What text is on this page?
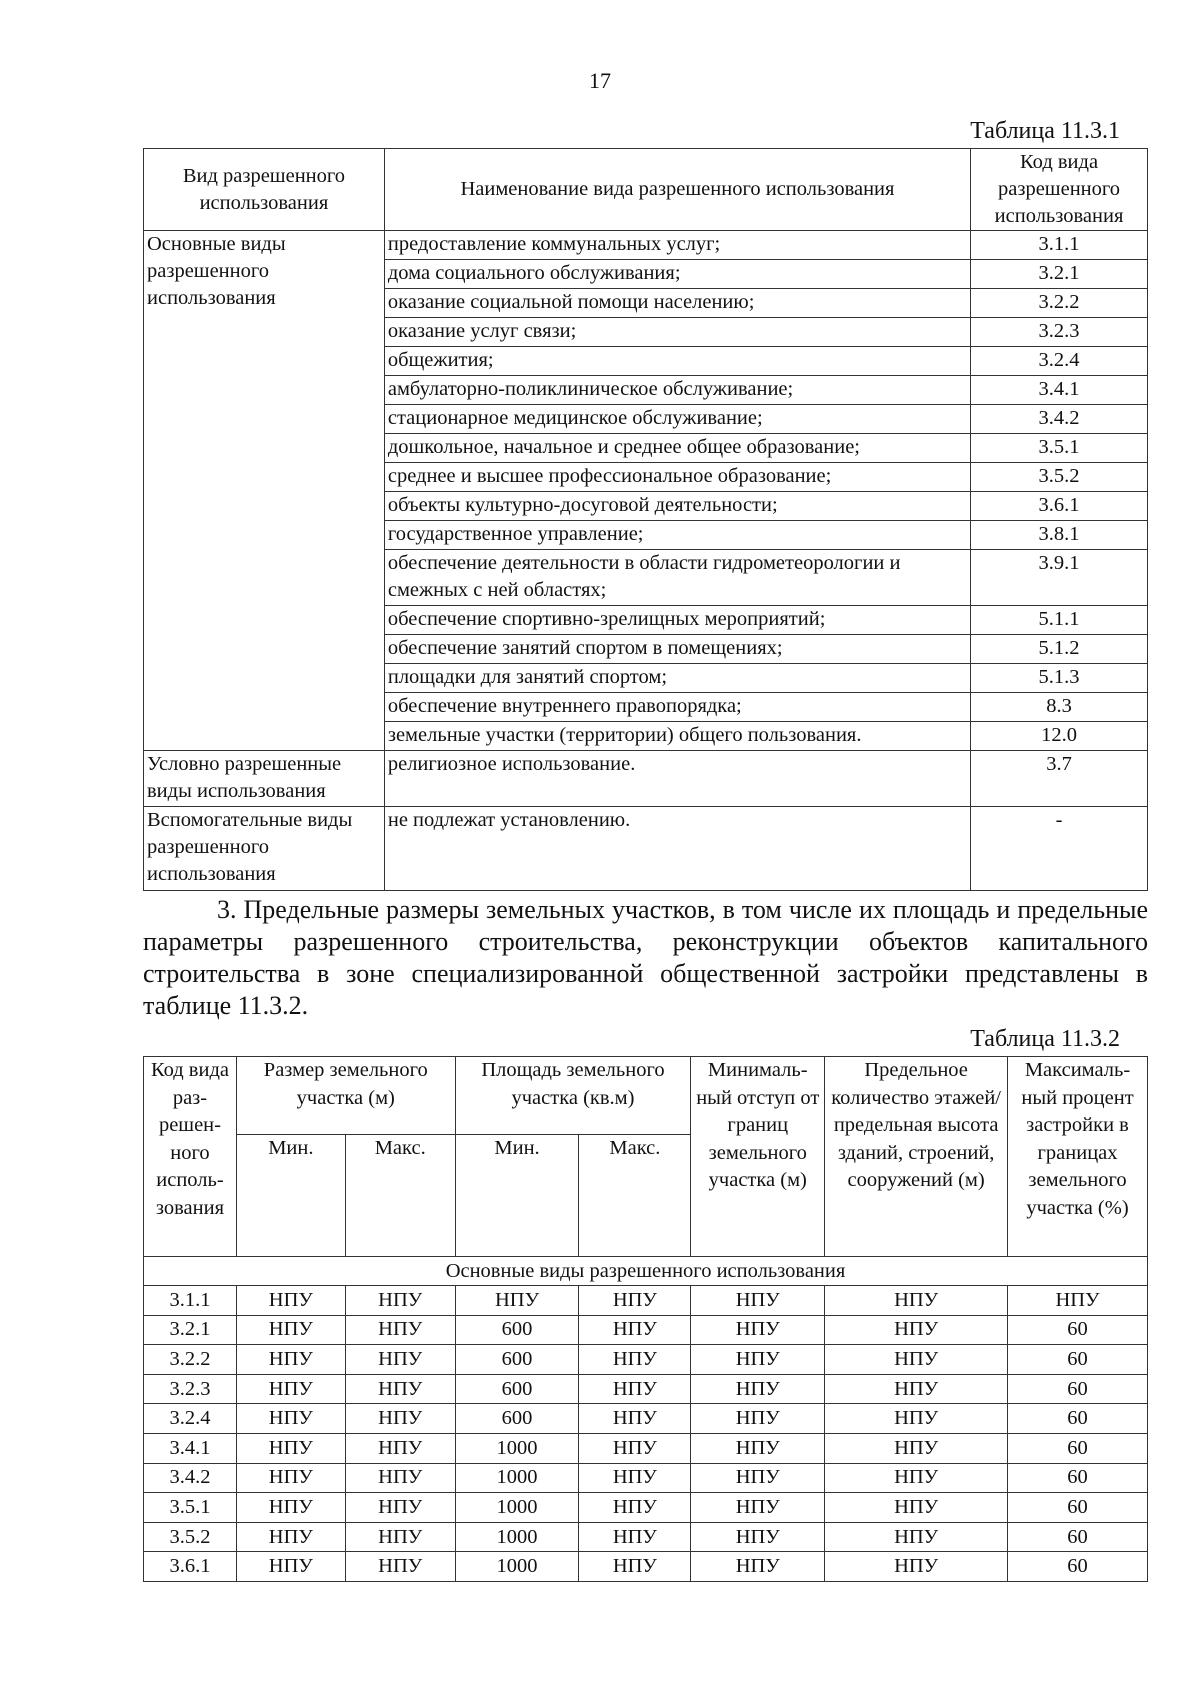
17
Таблица 11.3.1
Вид разрешенного использования	Наименование вида разрешенного использования	Код вида разрешенного использования
Основные виды разрешенного использования	предоставление коммунальных услуг;	3.1.1
	дома социального обслуживания;	3.2.1
	оказание социальной помощи населению;	3.2.2
	оказание услуг связи;	3.2.3
	общежития;	3.2.4
	амбулаторно-поликлиническое обслуживание;	3.4.1
	стационарное медицинское обслуживание;	3.4.2
	дошкольное, начальное и среднее общее образование;	3.5.1
	среднее и высшее профессиональное образование;	3.5.2
	объекты культурно-досуговой деятельности;	3.6.1
	государственное управление;	3.8.1
	обеспечение деятельности в области гидрометеорологии и смежных с ней областях;	3.9.1
	обеспечение спортивно-зрелищных мероприятий;	5.1.1
	обеспечение занятий спортом в помещениях;	5.1.2
	площадки для занятий спортом;	5.1.3
	обеспечение внутреннего правопорядка;	8.3
	земельные участки (территории) общего пользования.	12.0
Условно разрешенные виды использования	религиозное использование.	3.7
Вспомогательные виды разрешенного использования	не подлежат установлению.	-

3. Предельные размеры земельных участков, в том числе их площадь и предельные параметры разрешенного строительства, реконструкции объектов капитального строительства в зоне специализированной общественной застройки представлены в таблице 11.3.2.

Таблица 11.3.2
Код вида раз-решен-ного исполь-зования	Размер земельного участка (м)		Площадь земельного участка (кв.м)		Минималь-ный отступ от границ земельного участка (м)	Предельное количество этажей/ предельная высота зданий, строений, сооружений (м)	Максималь-ный процент застройки в границах земельного участка (%)
	Мин.	Макс.	Мин.	Макс.			
Основные виды разрешенного использования							
3.1.1	НПУ	НПУ	НПУ	НПУ	НПУ	НПУ	НПУ
3.2.1	НПУ	НПУ	600	НПУ	НПУ	НПУ	60
3.2.2	НПУ	НПУ	600	НПУ	НПУ	НПУ	60
3.2.3	НПУ	НПУ	600	НПУ	НПУ	НПУ	60
3.2.4	НПУ	НПУ	600	НПУ	НПУ	НПУ	60
3.4.1	НПУ	НПУ	1000	НПУ	НПУ	НПУ	60
3.4.2	НПУ	НПУ	1000	НПУ	НПУ	НПУ	60
3.5.1	НПУ	НПУ	1000	НПУ	НПУ	НПУ	60
3.5.2	НПУ	НПУ	1000	НПУ	НПУ	НПУ	60
3.6.1	НПУ	НПУ	1000	НПУ	НПУ	НПУ	60
